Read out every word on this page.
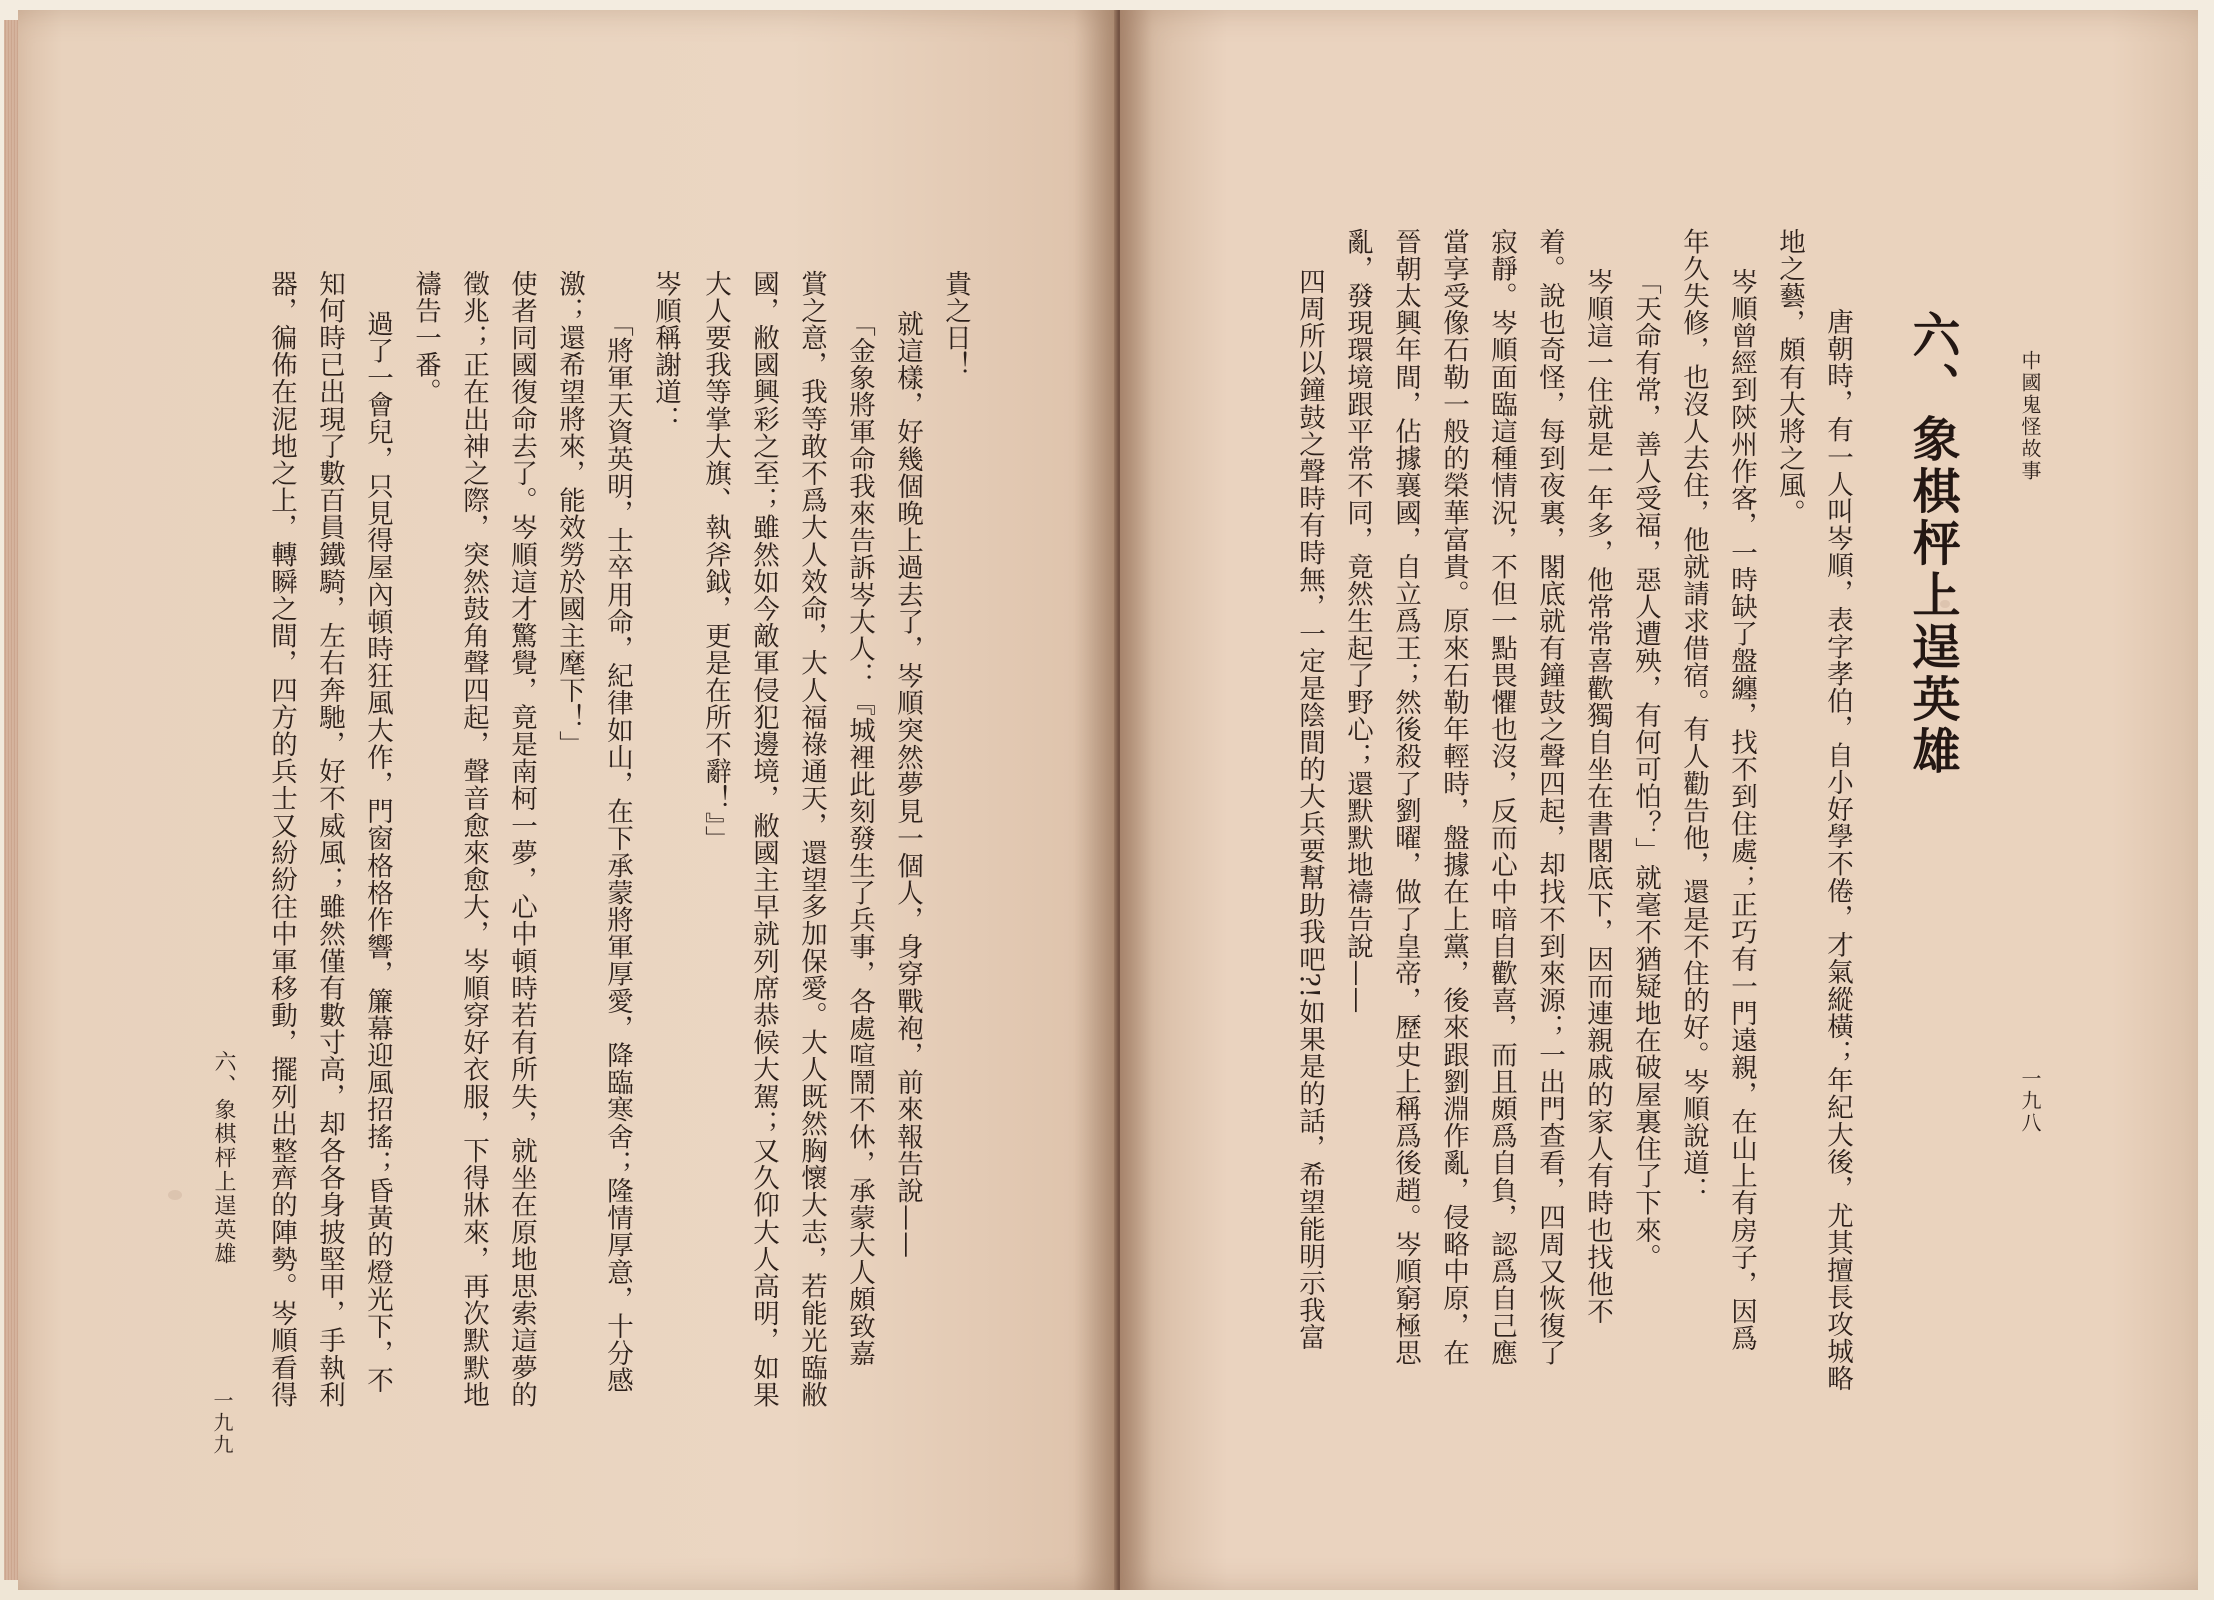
貴之日！
就這樣，好幾個晚上過去了，岑順突然夢見一個人，身穿戰袍，前來報告說——
「金象將軍命我來告訴岑大人：『城裡此刻發生了兵事，各處喧鬧不休，承蒙大人頗致嘉
賞之意，我等敢不爲大人效命，大人福祿通天，還望多加保愛。大人既然胸懷大志，若能光臨敝
國，敝國興彩之至；雖然如今敵軍侵犯邊境，敝國主早就列席恭候大駕；又久仰大人高明，如果
大人要我等掌大旗、執斧鉞，更是在所不辭！』」
岑順稱謝道：
「將軍天資英明，士卒用命，紀律如山，在下承蒙將軍厚愛，降臨寒舍；隆情厚意，十分感
激；還希望將來，能效勞於國主麾下！」
使者同國復命去了。岑順這才驚覺，竟是南柯一夢，心中頓時若有所失，就坐在原地思索這夢的
徵兆；正在出神之際，突然鼓角聲四起，聲音愈來愈大，岑順穿好衣服，下得牀來，再次默默地
禱告一番。
過了一會兒，只見得屋內頓時狂風大作，門窗格格作響，簾幕迎風招搖；昏黃的燈光下，不
知何時已出現了數百員鐵騎，左右奔馳，好不威風；雖然僅有數寸高，却各各身披堅甲，手執利
器，徧佈在泥地之上，轉瞬之間，四方的兵士又紛紛往中軍移動，擺列出整齊的陣勢。岑順看得
六、象棋枰上逞英雄
一九九
中國鬼怪故事
一九八
六、象棋枰上逞英雄
唐朝時，有一人叫岑順，表字孝伯，自小好學不倦，才氣縱橫；年紀大後，尤其擅長攻城略
地之藝，頗有大將之風。
岑順曾經到陝州作客，一時缺了盤纏，找不到住處；正巧有一門遠親，在山上有房子，因爲
年久失修，也沒人去住，他就請求借宿。有人勸告他，還是不住的好。岑順說道：
「天命有常，善人受福，惡人遭殃，有何可怕？」就毫不猶疑地在破屋裏住了下來。
岑順這一住就是一年多，他常常喜歡獨自坐在書閣底下，因而連親戚的家人有時也找他不
着。說也奇怪，每到夜裏，閣底就有鐘鼓之聲四起，却找不到來源；一出門查看，四周又恢復了
寂靜。岑順面臨這種情況，不但一點畏懼也沒，反而心中暗自歡喜，而且頗爲自負，認爲自己應
當享受像石勒一般的榮華富貴。原來石勒年輕時，盤據在上黨，後來跟劉淵作亂，侵略中原，在
晉朝太興年間，佔據襄國，自立爲王；然後殺了劉曜，做了皇帝，歷史上稱爲後趙。岑順窮極思
亂，發現環境跟平常不同，竟然生起了野心；還默默地禱告說——
四周所以鐘鼓之聲時有時無，一定是陰間的大兵要幫助我吧?!如果是的話，希望能明示我富
